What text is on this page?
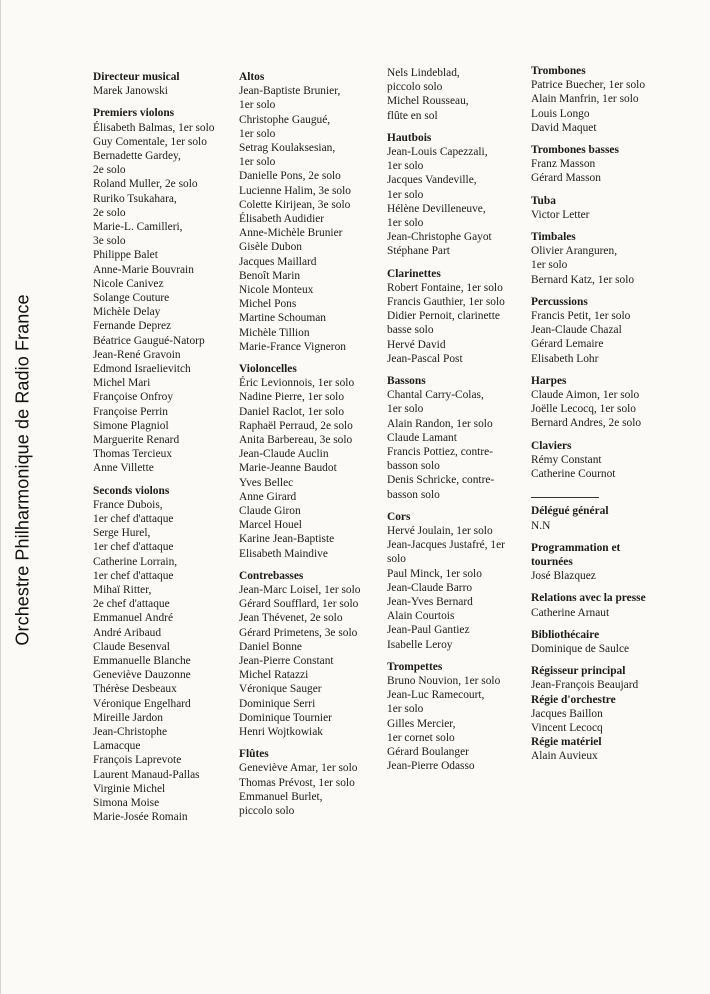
Orchestre Philharmonique de Radio France
Directeur musical
Marek Janowski
Premiers violons
Élisabeth Balmas, 1er solo
Guy Comentale, 1er solo
Bernadette Gardey,
2e solo
Roland Muller, 2e solo
Ruriko Tsukahara,
2e solo
Marie-L. Camilleri,
3e solo
Philippe Balet
Anne-Marie Bouvrain
Nicole Canivez
Solange Couture
Michèle Delay
Fernande Deprez
Béatrice Gaugué-Natorp
Jean-René Gravoin
Edmond Israelievitch
Michel Mari
Françoise Onfroy
Françoise Perrin
Simone Plagniol
Marguerite Renard
Thomas Tercieux
Anne Villette
Seconds violons
France Dubois,
1er chef d'attaque
Serge Hurel,
1er chef d'attaque
Catherine Lorrain,
1er chef d'attaque
Mihaï Ritter,
2e chef d'attaque
Emmanuel André
André Aribaud
Claude Besenval
Emmanuelle Blanche
Geneviève Dauzonne
Thérèse Desbeaux
Véronique Engelhard
Mireille Jardon
Jean-Christophe
Lamacque
François Laprevote
Laurent Manaud-Pallas
Virginie Michel
Simona Moise
Marie-Josée Romain
Altos
Jean-Baptiste Brunier,
1er solo
Christophe Gaugué,
1er solo
Setrag Koulaksesian,
1er solo
Danielle Pons, 2e solo
Lucienne Halim, 3e solo
Colette Kirijean, 3e solo
Élisabeth Audidier
Anne-Michèle Brunier
Gisèle Dubon
Jacques Maillard
Benoît Marin
Nicole Monteux
Michel Pons
Martine Schouman
Michèle Tillion
Marie-France Vigneron
Violoncelles
Éric Levionnois, 1er solo
Nadine Pierre, 1er solo
Daniel Raclot, 1er solo
Raphaël Perraud, 2e solo
Anita Barbereau, 3e solo
Jean-Claude Auclin
Marie-Jeanne Baudot
Yves Bellec
Anne Girard
Claude Giron
Marcel Houel
Karine Jean-Baptiste
Elisabeth Maindive
Contrebasses
Jean-Marc Loisel, 1er solo
Gérard Soufflard, 1er solo
Jean Thévenet, 2e solo
Gérard Primetens, 3e solo
Daniel Bonne
Jean-Pierre Constant
Michel Ratazzi
Véronique Sauger
Dominique Serri
Dominique Tournier
Henri Wojtkowiak
Flûtes
Geneviève Amar, 1er solo
Thomas Prévost, 1er solo
Emmanuel Burlet,
piccolo solo
Nels Lindeblad,
piccolo solo
Michel Rousseau,
flûte en sol
Hautbois
Jean-Louis Capezzali,
1er solo
Jacques Vandeville,
1er solo
Hélène Devilleneuve,
1er solo
Jean-Christophe Gayot
Stéphane Part
Clarinettes
Robert Fontaine, 1er solo
Francis Gauthier, 1er solo
Didier Pernoit, clarinette
basse solo
Hervé David
Jean-Pascal Post
Bassons
Chantal Carry-Colas,
1er solo
Alain Randon, 1er solo
Claude Lamant
Francis Pottiez, contre-
basson solo
Denis Schricke, contre-
basson solo
Cors
Hervé Joulain, 1er solo
Jean-Jacques Justafré, 1er
solo
Paul Minck, 1er solo
Jean-Claude Barro
Jean-Yves Bernard
Alain Courtois
Jean-Paul Gantiez
Isabelle Leroy
Trompettes
Bruno Nouvion, 1er solo
Jean-Luc Ramecourt,
1er solo
Gilles Mercier,
1er cornet solo
Gérard Boulanger
Jean-Pierre Odasso
Trombones
Patrice Buecher, 1er solo
Alain Manfrin, 1er solo
Louis Longo
David Maquet
Trombones basses
Franz Masson
Gérard Masson
Tuba
Victor Letter
Timbales
Olivier Aranguren,
1er solo
Bernard Katz, 1er solo
Percussions
Francis Petit, 1er solo
Jean-Claude Chazal
Gérard Lemaire
Elisabeth Lohr
Harpes
Claude Aimon, 1er solo
Joëlle Lecocq, 1er solo
Bernard Andres, 2e solo
Claviers
Rémy Constant
Catherine Cournot
Délégué général
N.N
Programmation et
tournées
José Blazquez
Relations avec la presse
Catherine Arnaut
Bibliothécaire
Dominique de Saulce
Régisseur principal
Jean-François Beaujard
Régie d'orchestre
Jacques Baillon
Vincent Lecocq
Régie matériel
Alain Auvieux
